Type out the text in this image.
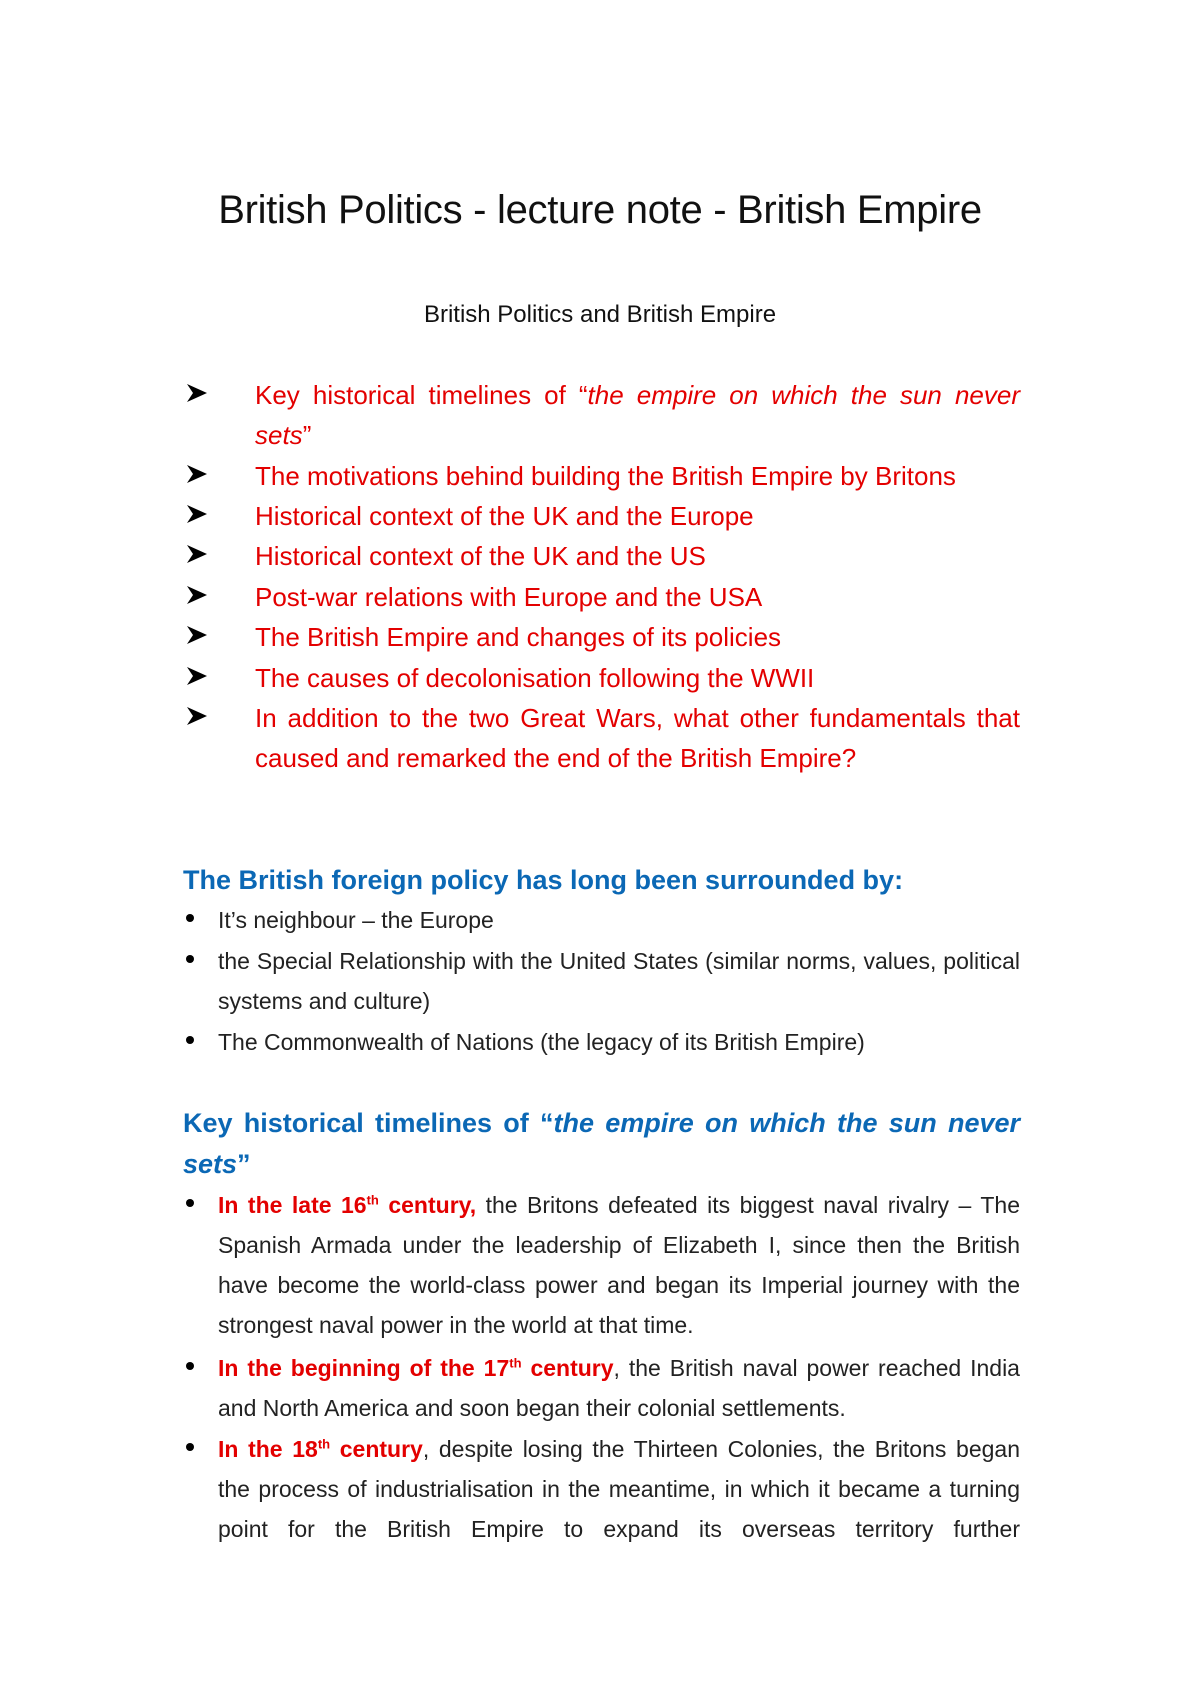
British Politics - lecture note - British Empire
British Politics and British Empire
Key historical timelines of “the empire on which the sun never sets”
The motivations behind building the British Empire by Britons
Historical context of the UK and the Europe
Historical context of the UK and the US
Post-war relations with Europe and the USA
The British Empire and changes of its policies
The causes of decolonisation following the WWII
In addition to the two Great Wars, what other fundamentals that caused and remarked the end of the British Empire?
The British foreign policy has long been surrounded by:
It’s neighbour – the Europe
the Special Relationship with the United States (similar norms, values, political systems and culture)
The Commonwealth of Nations (the legacy of its British Empire)
Key historical timelines of “the empire on which the sun never sets”
In the late 16th century, the Britons defeated its biggest naval rivalry – The Spanish Armada under the leadership of Elizabeth I, since then the British have become the world-class power and began its Imperial journey with the strongest naval power in the world at that time.
In the beginning of the 17th century, the British naval power reached India and North America and soon began their colonial settlements.
In the 18th century, despite losing the Thirteen Colonies, the Britons began the process of industrialisation in the meantime, in which it became a turning point for the British Empire to expand its overseas territory further
